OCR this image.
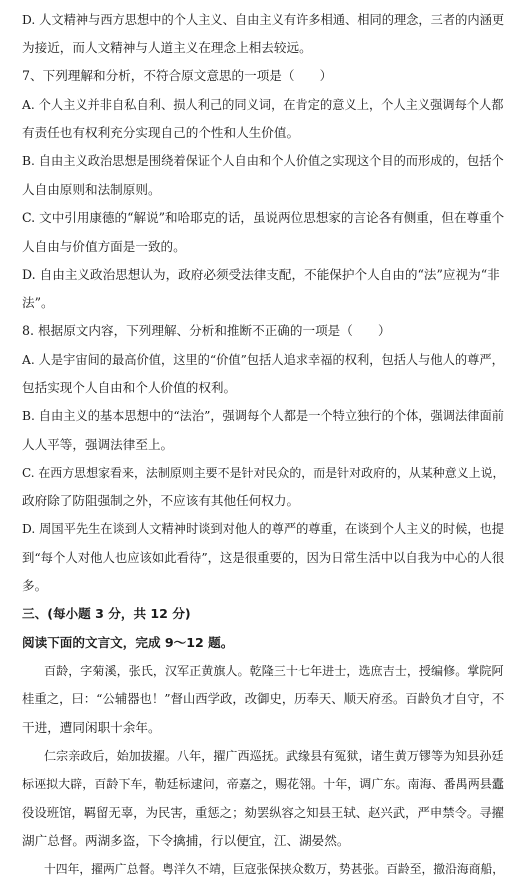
D. 人文精神与西方思想中的个人主义、自由主义有许多相通、相同的理念，三者的内涵更
为接近，而人文精神与人道主义在理念上相去较远。
7、下列理解和分析，不符合原文意思的一项是（　　）
A. 个人主义并非自私自利、损人利己的同义词，在肯定的意义上，个人主义强调每个人都
有责任也有权利充分实现自己的个性和人生价值。
B. 自由主义政治思想是围绕着保证个人自由和个人价值之实现这个目的而形成的，包括个
人自由原则和法制原则。
C. 文中引用康德的“解说”和哈耶克的话，虽说两位思想家的言论各有侧重，但在尊重个
人自由与价值方面是一致的。
D. 自由主义政治思想认为，政府必须受法律支配，不能保护个人自由的“法”应视为“非
法”。
8. 根据原文内容，下列理解、分析和推断不正确的一项是（　　）
A. 人是宇宙间的最高价值，这里的“价值”包括人追求幸福的权利，包括人与他人的尊严，
包括实现个人自由和个人价值的权利。
B. 自由主义的基本思想中的“法治”，强调每个人都是一个特立独行的个体，强调法律面前
人人平等，强调法律至上。
C. 在西方思想家看来，法制原则主要不是针对民众的，而是针对政府的，从某种意义上说，
政府除了防阻强制之外，不应该有其他任何权力。
D. 周国平先生在谈到人文精神时谈到对他人的尊严的尊重，在谈到个人主义的时候，也提
到“每个人对他人也应该如此看待”，这是很重要的，因为日常生活中以自我为中心的人很
多。
三、(每小题 3 分，共 12 分)
阅读下面的文言文，完成 9～12 题。
百龄，字菊溪，张氏，汉军正黄旗人。乾隆三十七年进士，选庶吉士，授编修。掌院阿
桂重之，曰：“公辅器也！”督山西学政，改御史，历奉天、顺天府丞。百龄负才自守，不
干进，遭同闲职十余年。
仁宗亲政后，始加拔擢。八年，擢广西巡抚。武缘县有冤狱，诸生黄万镠等为知县孙廷
标诬拟大辟，百龄下车，勒廷标逮问，帝嘉之，赐花翎。十年，调广东。南海、番禺两县蠹
役设班馆，羁留无辜，为民害，重惩之；劾罢纵容之知县王轼、赵兴武，严申禁令。寻擢
湖广总督。两湖多盗，下令擒捕，行以便宜，江、湖晏然。
十四年，擢两广总督。粤洋久不靖，巨寇张保挟众数万，势甚张。百龄至，撤沿海商船，
